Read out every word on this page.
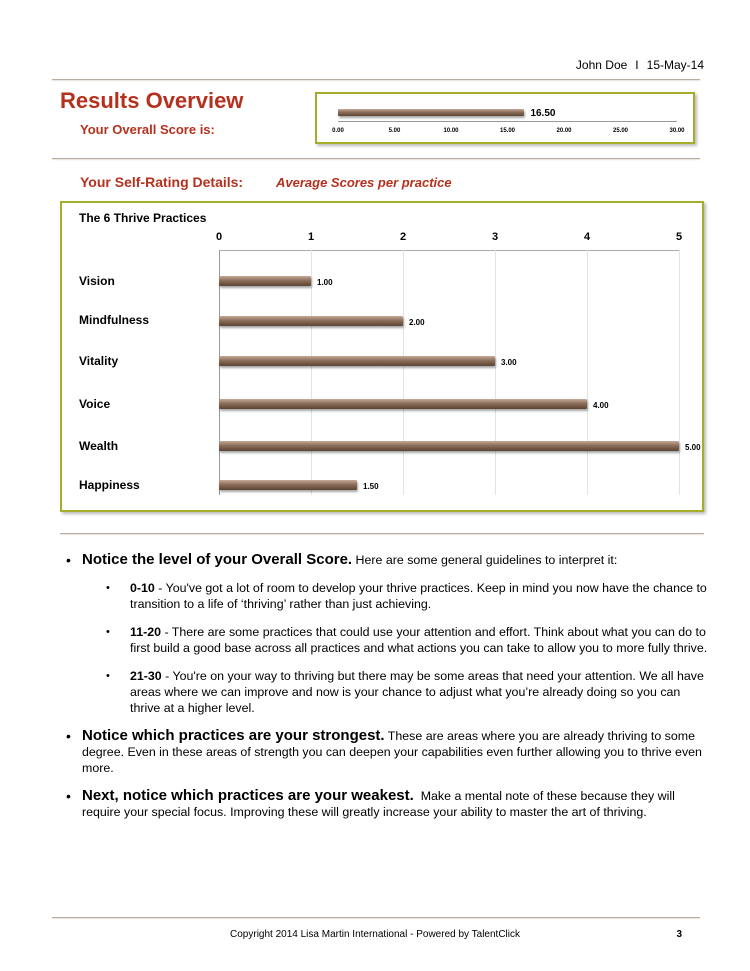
John Doe I 15-May-14
Results Overview
Your Overall Score is:
16.50
0.00	5.00	10.00	15.00	20.00	25.00	30.00
Your Self-Rating Details:	Average Scores per practice
The 6 Thrive Practices
0	1	2	3	4	5
Vision
Mindfulness
Vitality
Voice
Wealth
Happiness
1.00
2.00
3.00
4.00
5.00
1.50
• Notice the level of your Overall Score. Here are some general guidelines to interpret it:
• 0-10 - You've got a lot of room to develop your thrive practices. Keep in mind you now have the chance to transition to a life of ‘thriving’ rather than just achieving.
• 11-20 - There are some practices that could use your attention and effort. Think about what you can do to first build a good base across all practices and what actions you can take to allow you to more fully thrive.
• 21-30 - You're on your way to thriving but there may be some areas that need your attention. We all have areas where we can improve and now is your chance to adjust what you’re already doing so you can thrive at a higher level.
• Notice which practices are your strongest. These are areas where you are already thriving to some degree. Even in these areas of strength you can deepen your capabilities even further allowing you to thrive even more.
• Next, notice which practices are your weakest.  Make a mental note of these because they will require your special focus. Improving these will greatly increase your ability to master the art of thriving.
Copyright 2014 Lisa Martin International - Powered by TalentClick	3
